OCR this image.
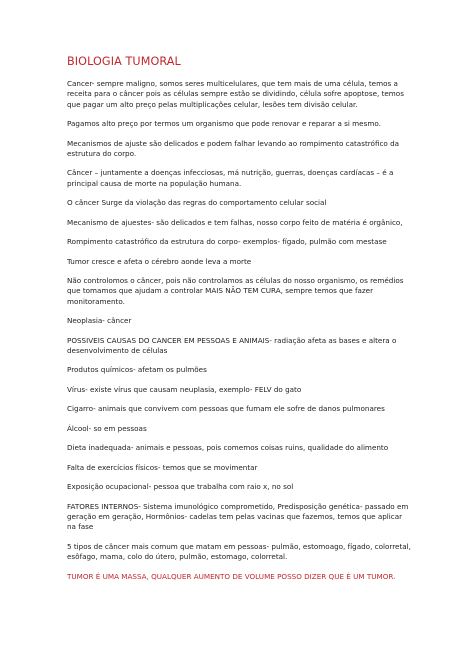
BIOLOGIA TUMORAL

Cancer- sempre maligno, somos seres multicelulares, que tem mais de uma célula, temos a receita para o câncer pois as células sempre estão se dividindo, célula sofre apoptose, temos que pagar um alto preço pelas multiplicações celular, lesões tem divisão celular.

Pagamos alto preço por termos um organismo que pode renovar e reparar a si mesmo.

Mecanismos de ajuste são delicados e podem falhar levando ao rompimento catastrófico da estrutura do corpo.

Câncer – juntamente a doenças infecciosas, má nutrição, guerras, doenças cardíacas – é a principal causa de morte na população humana.

O câncer Surge da violação das regras do comportamento celular social

Mecanismo de ajuestes- são delicados e tem falhas, nosso corpo feito de matéria é orgânico,

Rompimento catastrófico da estrutura do corpo- exemplos- fígado, pulmão com mestase

Tumor cresce e afeta o cérebro aonde leva a morte

Não controlomos o câncer, pois não controlamos as células do nosso organismo, os remédios que tomamos que ajudam a controlar MAIS NÃO TEM CURA, sempre temos que fazer monitoramento.

Neoplasia- câncer

POSSIVEIS CAUSAS DO CANCER EM PESSOAS E ANIMAIS- radiação afeta as bases e altera o desenvolvimento de células

Produtos químicos- afetam os pulmões

Vírus- existe vírus que causam neuplasia, exemplo- FELV do gato

Cigarro- animais que convivem com pessoas que fumam ele sofre de danos pulmonares

Álcool- so em pessoas

Dieta inadequada- animais e pessoas, pois comemos coisas ruins, qualidade do alimento

Falta de exercícios físicos- temos que se movimentar

Exposição ocupacional- pessoa que trabalha com raio x, no sol

FATORES INTERNOS- Sistema imunológico comprometido, Predisposição genética- passado em geração em geração, Hormônios- cadelas tem pelas vacinas que fazemos, temos que aplicar na fase

5 tipos de câncer mais comum que matam em pessoas- pulmão, estomoago, fígado, colorretal, esôfago, mama, colo do útero, pulmão, estomago, colorretal.

TUMOR É UMA MASSA, QUALQUER AUMENTO DE VOLUME POSSO DIZER QUE É UM TUMOR.
